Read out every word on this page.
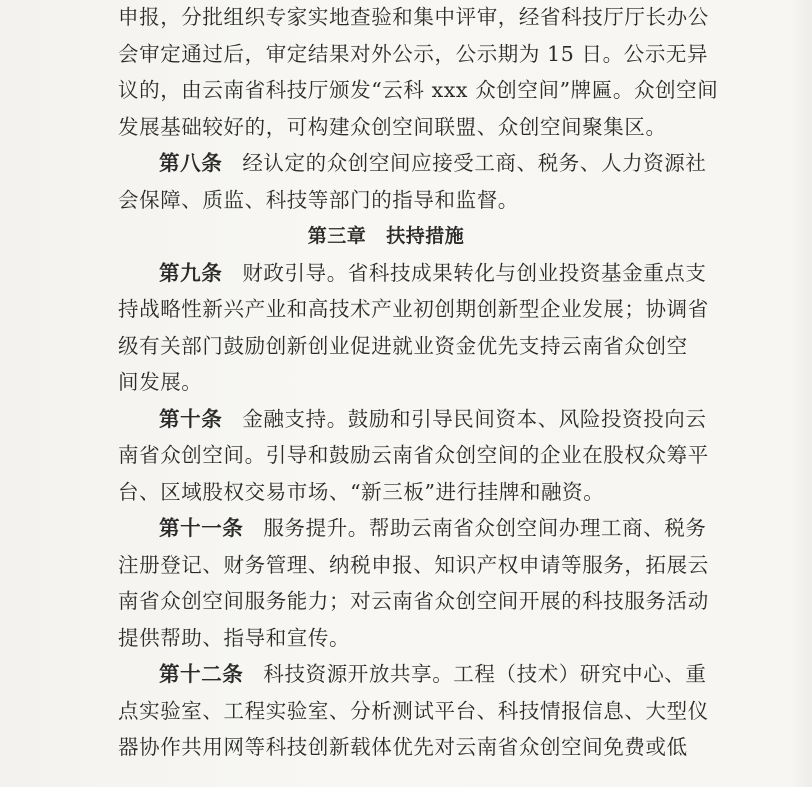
申报，分批组织专家实地查验和集中评审，经省科技厅厅长办公
会审定通过后，审定结果对外公示，公示期为 15 日。公示无异
议的，由云南省科技厅颁发“云科 xxx 众创空间”牌匾。众创空间
发展基础较好的，可构建众创空间联盟、众创空间聚集区。
第八条 经认定的众创空间应接受工商、税务、人力资源社
会保障、质监、科技等部门的指导和监督。
第三章 扶持措施
第九条 财政引导。省科技成果转化与创业投资基金重点支
持战略性新兴产业和高技术产业初创期创新型企业发展；协调省
级有关部门鼓励创新创业促进就业资金优先支持云南省众创空
间发展。
第十条 金融支持。鼓励和引导民间资本、风险投资投向云
南省众创空间。引导和鼓励云南省众创空间的企业在股权众筹平
台、区域股权交易市场、“新三板”进行挂牌和融资。
第十一条 服务提升。帮助云南省众创空间办理工商、税务
注册登记、财务管理、纳税申报、知识产权申请等服务，拓展云
南省众创空间服务能力；对云南省众创空间开展的科技服务活动
提供帮助、指导和宣传。
第十二条 科技资源开放共享。工程（技术）研究中心、重
点实验室、工程实验室、分析测试平台、科技情报信息、大型仪
器协作共用网等科技创新载体优先对云南省众创空间免费或低
